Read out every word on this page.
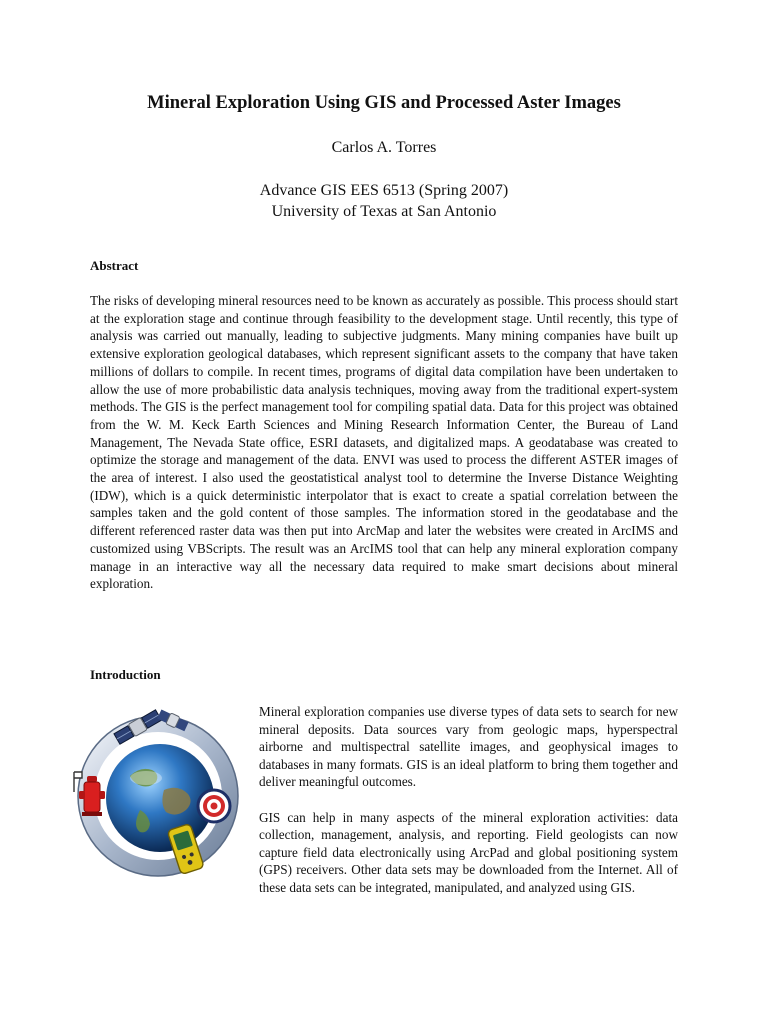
Mineral Exploration Using GIS and Processed Aster Images
Carlos A. Torres
Advance GIS EES 6513 (Spring 2007)
University of Texas at San Antonio
Abstract

The risks of developing mineral resources need to be known as accurately as possible. This process should start at the exploration stage and continue through feasibility to the development stage. Until recently, this type of analysis was carried out manually, leading to subjective judgments. Many mining companies have built up extensive exploration geological databases, which represent significant assets to the company that have taken millions of dollars to compile. In recent times, programs of digital data compilation have been undertaken to allow the use of more probabilistic data analysis techniques, moving away from the traditional expert-system methods. The GIS is the perfect management tool for compiling spatial data. Data for this project was obtained from the W. M. Keck Earth Sciences and Mining Research Information Center, the Bureau of Land Management, The Nevada State office, ESRI datasets, and digitalized maps. A geodatabase was created to optimize the storage and management of the data. ENVI was used to process the different ASTER images of the area of interest. I also used the geostatistical analyst tool to determine the Inverse Distance Weighting (IDW), which is a quick deterministic interpolator that is exact to create a spatial correlation between the samples taken and the gold content of those samples. The information stored in the geodatabase and the different referenced raster data was then put into ArcMap and later the websites were created in ArcIMS and customized using VBScripts. The result was an ArcIMS tool that can help any mineral exploration company manage in an interactive way all the necessary data required to make smart decisions about mineral exploration.

Introduction

Mineral exploration companies use diverse types of data sets to search for new mineral deposits. Data sources vary from geologic maps, hyperspectral airborne and multispectral satellite images, and geophysical images to databases in many formats. GIS is an ideal platform to bring them together and deliver meaningful outcomes.

GIS can help in many aspects of the mineral exploration activities: data collection, management, analysis, and reporting. Field geologists can now capture field data electronically using ArcPad and global positioning system (GPS) receivers. Other data sets may be downloaded from the Internet. All of these data sets can be integrated, manipulated, and analyzed using GIS.
